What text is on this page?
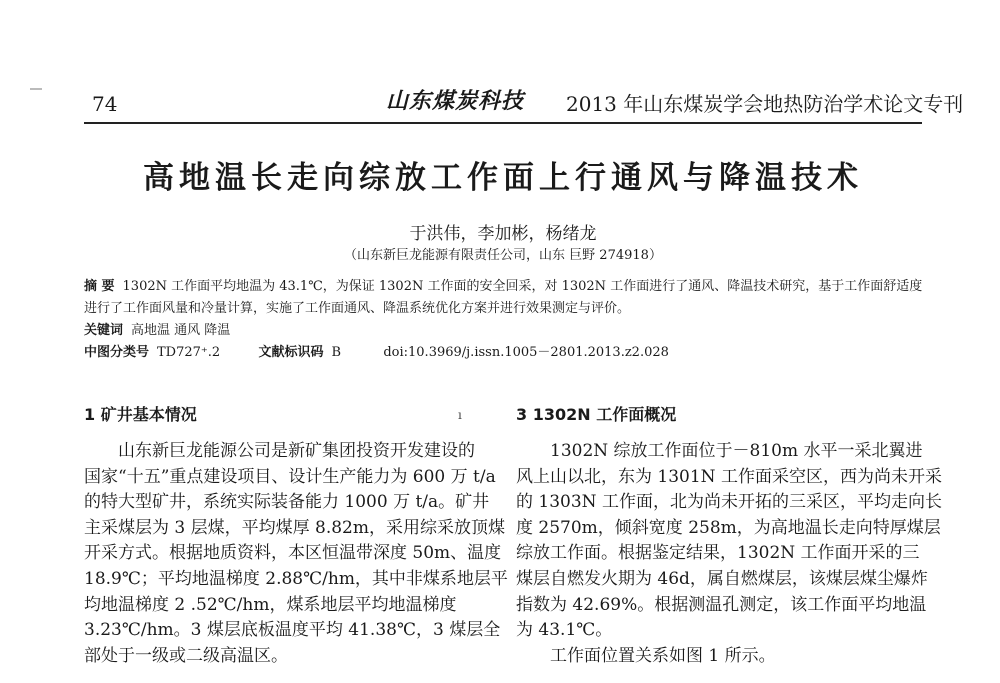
74	山东煤炭科技 2013 年山东煤炭学会地热防治学术论文专刊
高地温长走向综放工作面上行通风与降温技术
于洪伟，李加彬，杨绪龙
（山东新巨龙能源有限责任公司，山东 巨野 274918）
摘 要 1302N 工作面平均地温为 43.1℃，为保证 1302N 工作面的安全回采，对 1302N 工作面进行了通风、降温技术研究，基于工作面舒适度
进行了工作面风量和冷量计算，实施了工作面通风、降温系统优化方案并进行效果测定与评价。
关键词 高地温 通风 降温
中图分类号 TD727⁺.2	文献标识码 B	doi:10.3969/j.issn.1005－2801.2013.z2.028
ı
1 矿井基本情况
山东新巨龙能源公司是新矿集团投资开发建设的
国家“十五”重点建设项目、设计生产能力为 600 万 t/a
的特大型矿井，系统实际装备能力 1000 万 t/a。矿井
主采煤层为 3 层煤，平均煤厚 8.82m，采用综采放顶煤
开采方式。根据地质资料，本区恒温带深度 50m、温度
18.9℃；平均地温梯度 2.88℃/hm，其中非煤系地层平
均地温梯度 2 .52℃/hm，煤系地层平均地温梯度
3.23℃/hm。3 煤层底板温度平均 41.38℃，3 煤层全
部处于一级或二级高温区。
3 1302N 工作面概况
1302N 综放工作面位于－810m 水平一采北翼进
风上山以北，东为 1301N 工作面采空区，西为尚未开采
的 1303N 工作面，北为尚未开拓的三采区，平均走向长
度 2570m，倾斜宽度 258m，为高地温长走向特厚煤层
综放工作面。根据鉴定结果，1302N 工作面开采的三
煤层自燃发火期为 46d，属自燃煤层，该煤层煤尘爆炸
指数为 42.69%。根据测温孔测定，该工作面平均地温
为 43.1℃。
工作面位置关系如图 1 所示。
